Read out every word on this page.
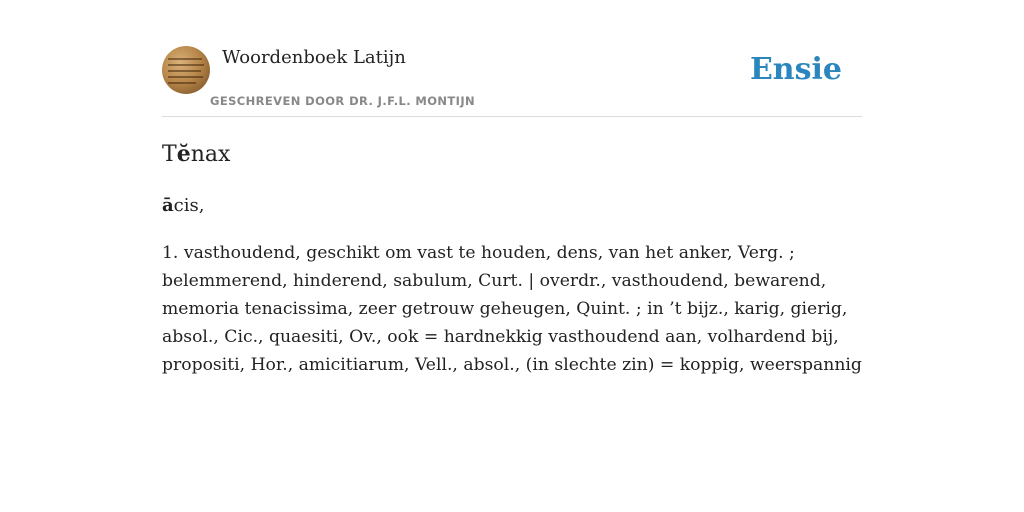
Woordenboek Latijn
GESCHREVEN DOOR DR. J.F.L. MONTIJN
Ensie
Tĕnax
ācis,
1. vasthoudend, geschikt om vast te houden, dens, van het anker, Verg. ;
belemmerend, hinderend, sabulum, Curt. | overdr., vasthoudend, bewarend,
memoria tenacissima, zeer getrouw geheugen, Quint. ; in ’t bijz., karig, gierig,
absol., Cic., quaesiti, Ov., ook = hardnekkig vasthoudend aan, volhardend bij,
propositi, Hor., amicitiarum, Vell., absol., (in slechte zin) = koppig, weerspannig
